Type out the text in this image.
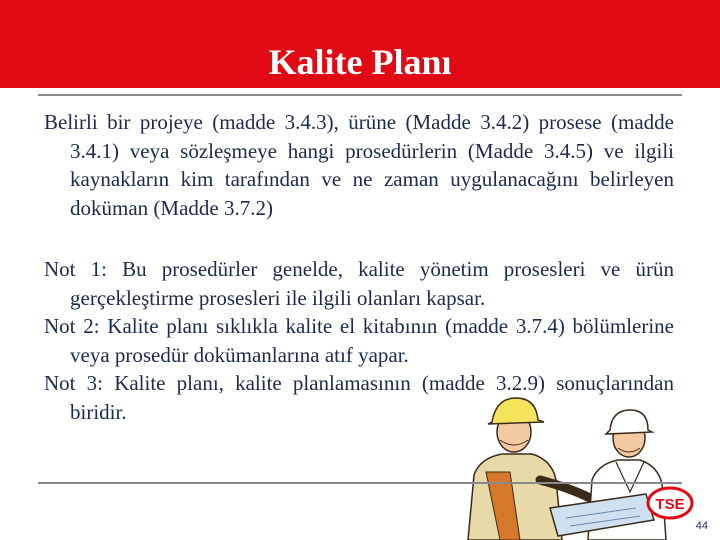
Kalite Planı

Belirli bir projeye (madde 3.4.3), ürüne (Madde 3.4.2) prosese (madde 3.4.1) veya sözleşmeye hangi prosedürlerin (Madde 3.4.5) ve ilgili kaynakların kim tarafından ve ne zaman uygulanacağını belirleyen doküman (Madde 3.7.2)

Not 1: Bu prosedürler genelde, kalite yönetim prosesleri ve ürün gerçekleştirme prosesleri ile ilgili olanları kapsar.

Not 2: Kalite planı sıklıkla kalite el kitabının (madde 3.7.4) bölümlerine veya prosedür dokümanlarına atıf yapar.

Not 3: Kalite planı, kalite planlamasının (madde 3.2.9) sonuçlarından biridir.

TSE
44
